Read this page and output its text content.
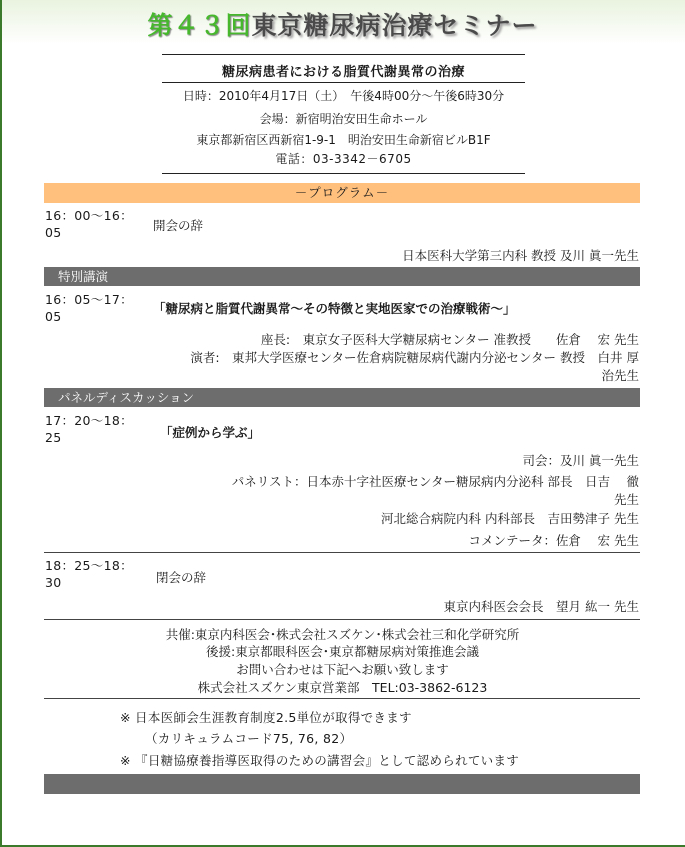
第４３回東京糖尿病治療セミナー
糖尿病患者における脂質代謝異常の治療
日時：2010年4月17日（土）　午後4時00分～午後6時30分
会場：新宿明治安田生命ホール
東京都新宿区西新宿1-9-1　明治安田生命新宿ビルB1F
電話：03-3342－6705
－プログラム－
16：00～16：05	開会の辞
日本医科大学第三内科 教授 及川 眞一先生
特別講演
16：05～17：05
「糖尿病と脂質代謝異常～その特徴と実地医家での治療戦術～」
座長:　東京女子医科大学糖尿病センター 准教授　　佐倉　 宏 先生
演者:　東邦大学医療センター佐倉病院糖尿病代謝内分泌センター 教授　白井 厚
治先生
パネルディスカッション
17：20～18：25	「症例から学ぶ」
司会：及川 眞一先生
パネリスト：日本赤十字社医療センター糖尿病内分泌科 部長　日吉　 徹
先生
河北総合病院内科 内科部長　吉田勢津子 先生
コメンテータ：佐倉　 宏 先生
18：25～18：30	閉会の辞
東京内科医会会長　望月 紘一 先生
共催:東京内科医会･株式会社スズケン･株式会社三和化学研究所
後援:東京都眼科医会･東京都糖尿病対策推進会議
お問い合わせは下記へお願い致します
株式会社スズケン東京営業部　TEL:03-3862-6123
※ 日本医師会生涯教育制度2.5単位が取得できます
（カリキュラムコード75, 76, 82）
※ 『日糖協療養指導医取得のための講習会』として認められています
